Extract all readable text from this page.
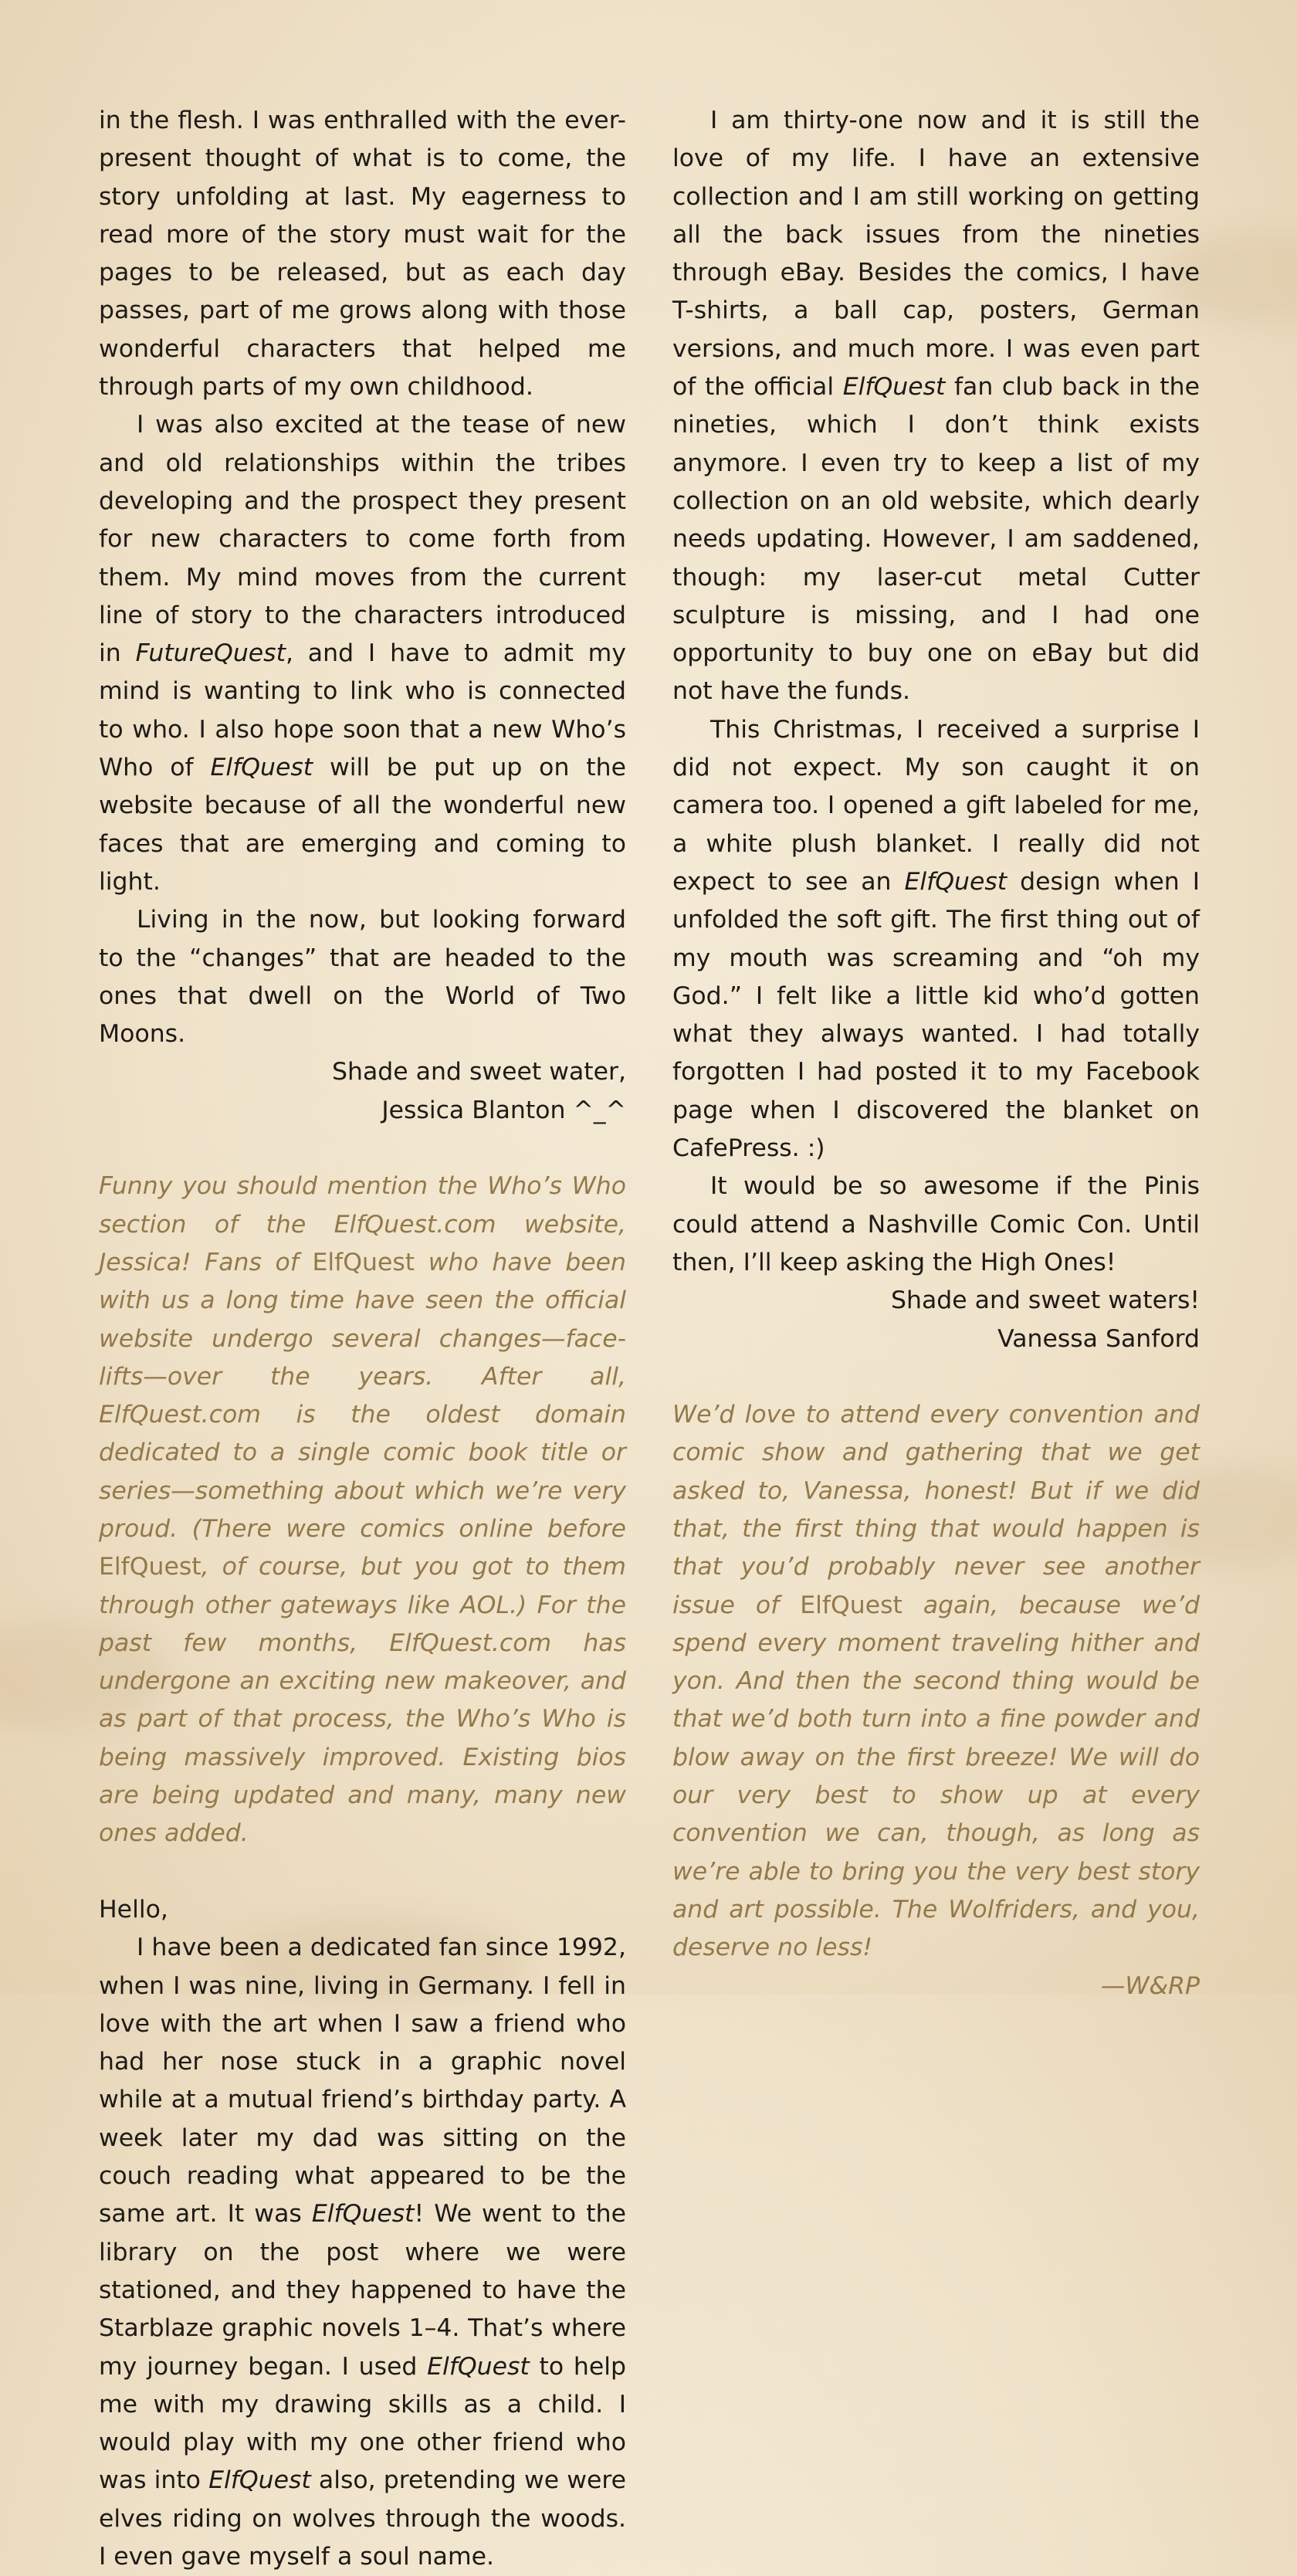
in the flesh. I was enthralled with the ever-present thought of what is to come, the story unfolding at last. My eagerness to read more of the story must wait for the pages to be released, but as each day passes, part of me grows along with those wonderful characters that helped me through parts of my own childhood.

I was also excited at the tease of new and old relationships within the tribes developing and the prospect they present for new characters to come forth from them. My mind moves from the current line of story to the characters introduced in FutureQuest, and I have to admit my mind is wanting to link who is connected to who. I also hope soon that a new Who’s Who of ElfQuest will be put up on the website because of all the wonderful new faces that are emerging and coming to light.

Living in the now, but looking forward to the “changes” that are headed to the ones that dwell on the World of Two Moons.

Shade and sweet water,

Jessica Blanton ^_^

Funny you should mention the Who’s Who section of the ElfQuest.com website, Jessica! Fans of ElfQuest who have been with us a long time have seen the official website undergo several changes—face-lifts—over the years. After all, ElfQuest.com is the oldest domain dedicated to a single comic book title or series—something about which we’re very proud. (There were comics online before ElfQuest, of course, but you got to them through other gateways like AOL.) For the past few months, ElfQuest.com has undergone an exciting new makeover, and as part of that process, the Who’s Who is being massively improved. Existing bios are being updated and many, many new ones added.

Hello,

I have been a dedicated fan since 1992, when I was nine, living in Germany. I fell in love with the art when I saw a friend who had her nose stuck in a graphic novel while at a mutual friend’s birthday party. A week later my dad was sitting on the couch reading what appeared to be the same art. It was ElfQuest! We went to the library on the post where we were stationed, and they happened to have the Starblaze graphic novels 1–4. That’s where my journey began. I used ElfQuest to help me with my drawing skills as a child. I would play with my one other friend who was into ElfQuest also, pretending we were elves riding on wolves through the woods. I even gave myself a soul name.

I am thirty-one now and it is still the love of my life. I have an extensive collection and I am still working on getting all the back issues from the nineties through eBay. Besides the comics, I have T-shirts, a ball cap, posters, German versions, and much more. I was even part of the official ElfQuest fan club back in the nineties, which I don’t think exists anymore. I even try to keep a list of my collection on an old website, which dearly needs updating. However, I am saddened, though: my laser-cut metal Cutter sculpture is missing, and I had one opportunity to buy one on eBay but did not have the funds.

This Christmas, I received a surprise I did not expect. My son caught it on camera too. I opened a gift labeled for me, a white plush blanket. I really did not expect to see an ElfQuest design when I unfolded the soft gift. The first thing out of my mouth was screaming and “oh my God.” I felt like a little kid who’d gotten what they always wanted. I had totally forgotten I had posted it to my Facebook page when I discovered the blanket on CafePress. :)

It would be so awesome if the Pinis could attend a Nashville Comic Con. Until then, I’ll keep asking the High Ones!

Shade and sweet waters!

Vanessa Sanford

We’d love to attend every convention and comic show and gathering that we get asked to, Vanessa, honest! But if we did that, the first thing that would happen is that you’d probably never see another issue of ElfQuest again, because we’d spend every moment traveling hither and yon. And then the second thing would be that we’d both turn into a fine powder and blow away on the first breeze! We will do our very best to show up at every convention we can, though, as long as we’re able to bring you the very best story and art possible. The Wolfriders, and you, deserve no less!

—W&RP
